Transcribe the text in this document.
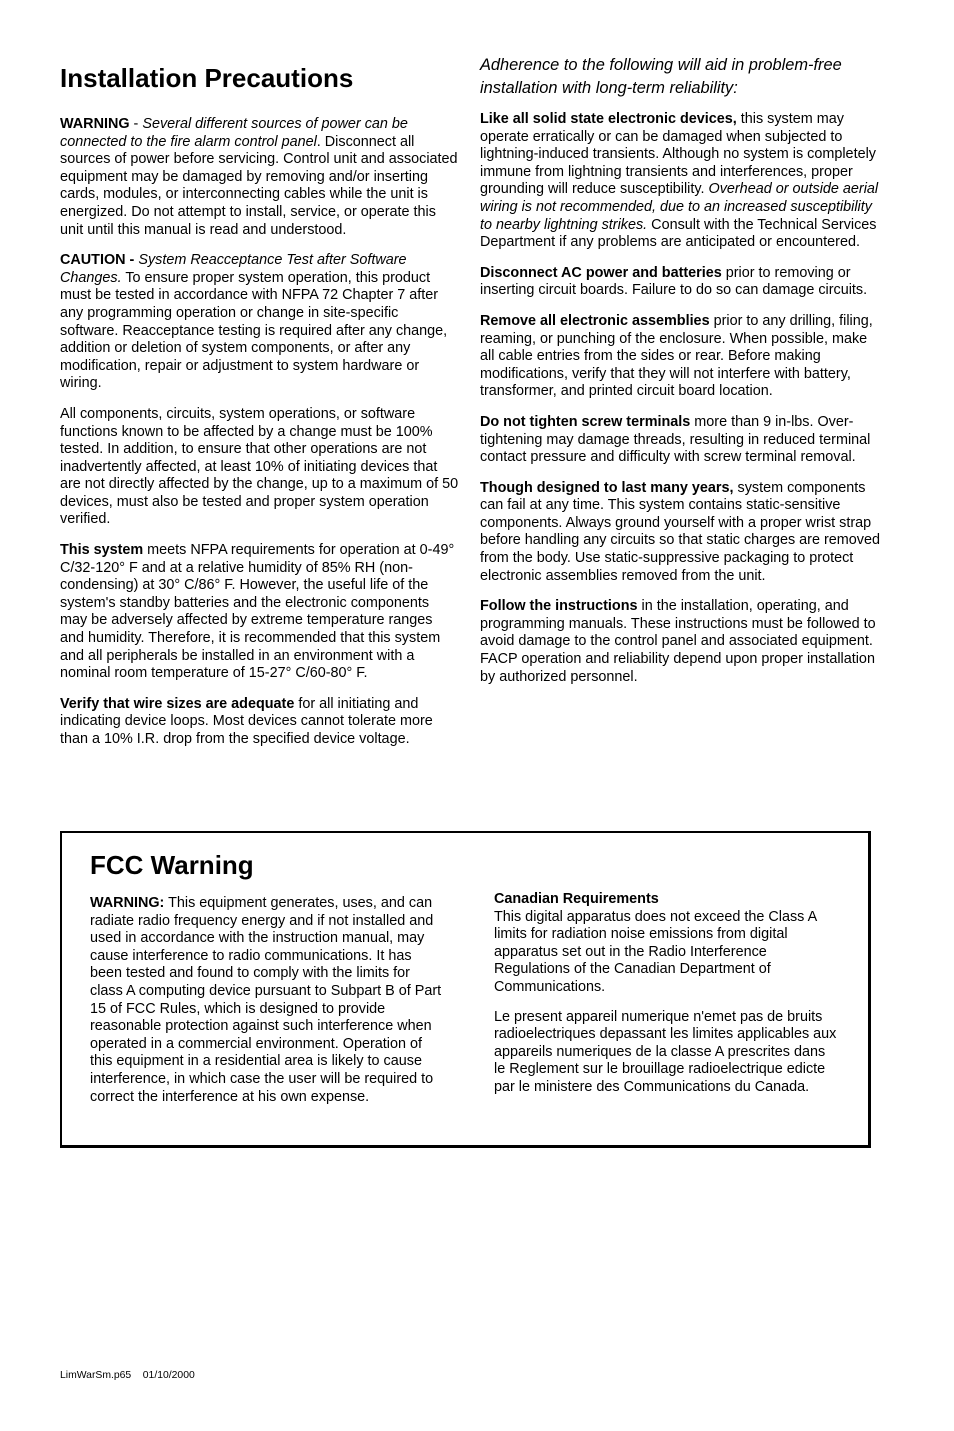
Installation Precautions

WARNING - Several different sources of power can be connected to the fire alarm control panel. Disconnect all sources of power before servicing. Control unit and associated equipment may be damaged by removing and/or inserting cards, modules, or interconnecting cables while the unit is energized. Do not attempt to install, service, or operate this unit until this manual is read and understood.

CAUTION - System Reacceptance Test after Software Changes. To ensure proper system operation, this product must be tested in accordance with NFPA 72 Chapter 7 after any programming operation or change in site-specific software. Reacceptance testing is required after any change, addition or deletion of system components, or after any modification, repair or adjustment to system hardware or wiring.

All components, circuits, system operations, or software functions known to be affected by a change must be 100% tested. In addition, to ensure that other operations are not inadvertently affected, at least 10% of initiating devices that are not directly affected by the change, up to a maximum of 50 devices, must also be tested and proper system operation verified.

This system meets NFPA requirements for operation at 0-49° C/32-120° F and at a relative humidity of 85% RH (non-condensing) at 30° C/86° F. However, the useful life of the system's standby batteries and the electronic components may be adversely affected by extreme temperature ranges and humidity. Therefore, it is recommended that this system and all peripherals be installed in an environment with a nominal room temperature of 15-27° C/60-80° F.

Verify that wire sizes are adequate for all initiating and indicating device loops. Most devices cannot tolerate more than a 10% I.R. drop from the specified device voltage.

Adherence to the following will aid in problem-free installation with long-term reliability:

Like all solid state electronic devices, this system may operate erratically or can be damaged when subjected to lightning-induced transients. Although no system is completely immune from lightning transients and interferences, proper grounding will reduce susceptibility. Overhead or outside aerial wiring is not recommended, due to an increased susceptibility to nearby lightning strikes. Consult with the Technical Services Department if any problems are anticipated or encountered.

Disconnect AC power and batteries prior to removing or inserting circuit boards. Failure to do so can damage circuits.

Remove all electronic assemblies prior to any drilling, filing, reaming, or punching of the enclosure. When possible, make all cable entries from the sides or rear. Before making modifications, verify that they will not interfere with battery, transformer, and printed circuit board location.

Do not tighten screw terminals more than 9 in-lbs. Over-tightening may damage threads, resulting in reduced terminal contact pressure and difficulty with screw terminal removal.

Though designed to last many years, system components can fail at any time. This system contains static-sensitive components. Always ground yourself with a proper wrist strap before handling any circuits so that static charges are removed from the body. Use static-suppressive packaging to protect electronic assemblies removed from the unit.

Follow the instructions in the installation, operating, and programming manuals. These instructions must be followed to avoid damage to the control panel and associated equipment. FACP operation and reliability depend upon proper installation by authorized personnel.

FCC Warning
WARNING: This equipment generates, uses, and can radiate radio frequency energy and if not installed and used in accordance with the instruction manual, may cause interference to radio communications. It has been tested and found to comply with the limits for class A computing device pursuant to Subpart B of Part 15 of FCC Rules, which is designed to provide reasonable protection against such interference when operated in a commercial environment. Operation of this equipment in a residential area is likely to cause interference, in which case the user will be required to correct the interference at his own expense.
Canadian Requirements

This digital apparatus does not exceed the Class A limits for radiation noise emissions from digital apparatus set out in the Radio Interference Regulations of the Canadian Department of Communications.

Le present appareil numerique n'emet pas de bruits radioelectriques depassant les limites applicables aux appareils numeriques de la classe A prescrites dans le Reglement sur le brouillage radioelectrique edicte par le ministere des Communications du Canada.

LimWarSm.p65    01/10/2000
